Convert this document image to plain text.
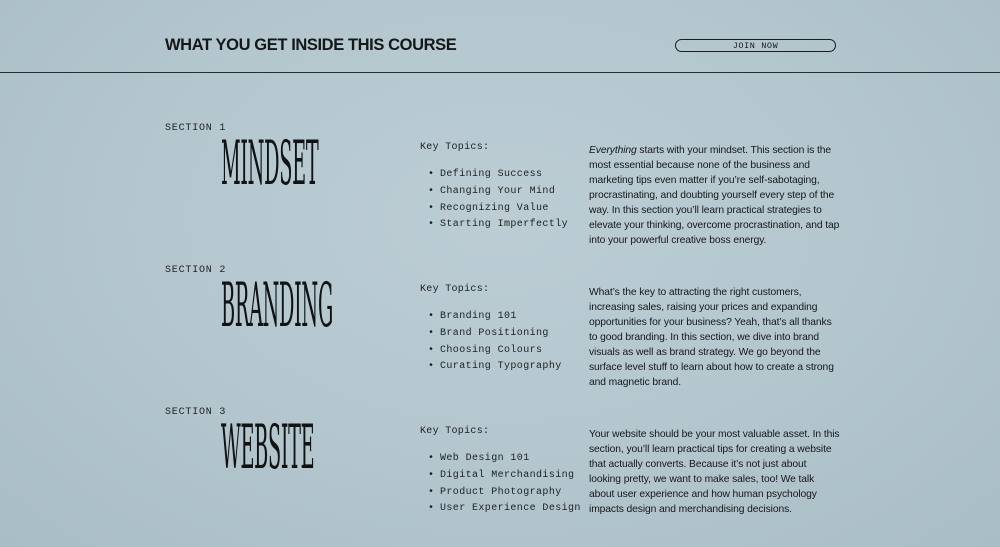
WHAT YOU GET INSIDE THIS COURSE	JOIN NOW
SECTION 1
MINDSET	Key Topics:
• Defining Success
• Changing Your Mind
• Recognizing Value
• Starting Imperfectly

Everything starts with your mindset. This section is the most essential because none of the business and marketing tips even matter if you’re self-sabotaging, procrastinating, and doubting yourself every step of the way. In this section you’ll learn practical strategies to elevate your thinking, overcome procrastination, and tap into your powerful creative boss energy.

SECTION 2
BRANDING	Key Topics:
• Branding 101
• Brand Positioning
• Choosing Colours
• Curating Typography

What’s the key to attracting the right customers, increasing sales, raising your prices and expanding opportunities for your business? Yeah, that’s all thanks to good branding. In this section, we dive into brand visuals as well as brand strategy. We go beyond the surface level stuff to learn about how to create a strong and magnetic brand.

SECTION 3
WEBSITE	Key Topics:
• Web Design 101
• Digital Merchandising
• Product Photography
• User Experience Design

Your website should be your most valuable asset. In this section, you’ll learn practical tips for creating a website that actually converts. Because it’s not just about looking pretty, we want to make sales, too! We talk about user experience and how human psychology impacts design and merchandising decisions.
